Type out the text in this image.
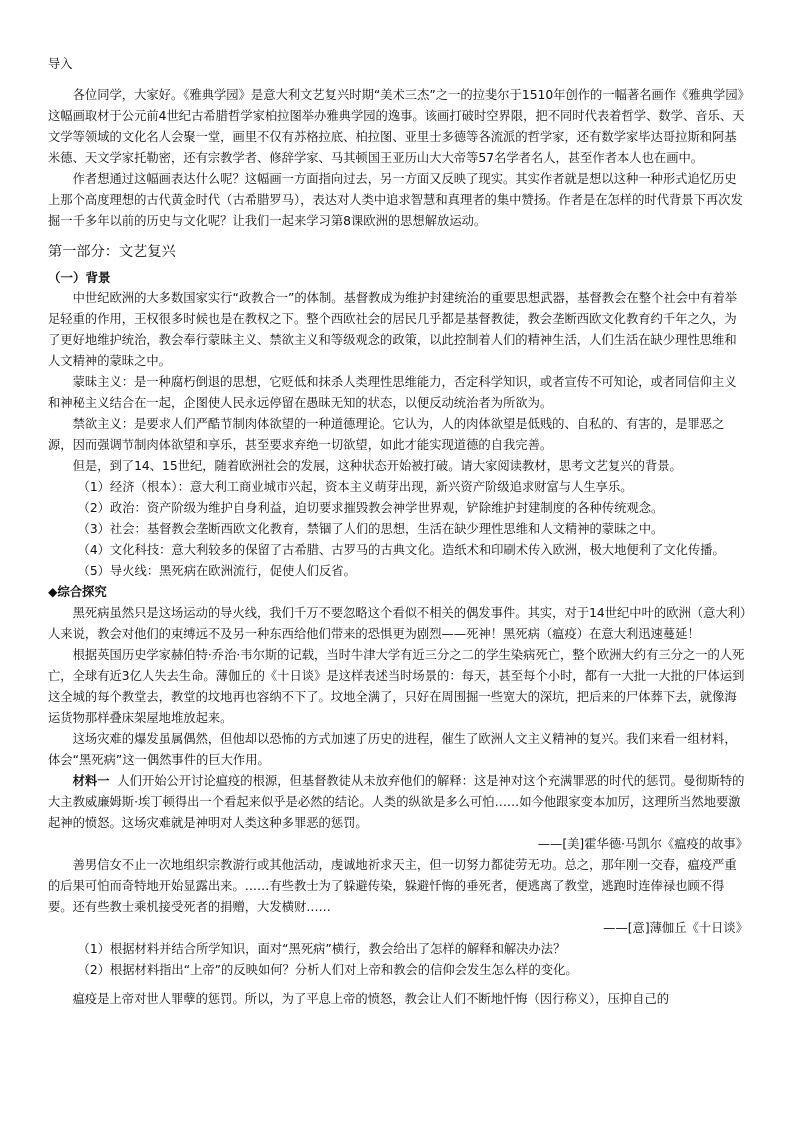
导入

各位同学，大家好。《雅典学园》是意大利文艺复兴时期“美术三杰”之一的拉斐尔于1510年创作的一幅著名画作《雅典学园》这幅画取材于公元前4世纪古希腊哲学家柏拉图举办雅典学园的逸事。该画打破时空界限，把不同时代表着哲学、数学、音乐、天文学等领域的文化名人会聚一堂，画里不仅有苏格拉底、柏拉图、亚里士多德等各流派的哲学家，还有数学家毕达哥拉斯和阿基米德、天文学家托勒密，还有宗教学者、修辞学家、马其顿国王亚历山大大帝等57名学者名人，甚至作者本人也在画中。

作者想通过这幅画表达什么呢？这幅画一方面指向过去，另一方面又反映了现实。其实作者就是想以这种一种形式追忆历史上那个高度理想的古代黄金时代（古希腊罗马），表达对人类中追求智慧和真理者的集中赞扬。作者是在怎样的时代背景下再次发掘一千多年以前的历史与文化呢？让我们一起来学习第8课欧洲的思想解放运动。

第一部分：文艺复兴

（一）背景

中世纪欧洲的大多数国家实行“政教合一”的体制。基督教成为维护封建统治的重要思想武器，基督教会在整个社会中有着举足轻重的作用，王权很多时候也是在教权之下。整个西欧社会的居民几乎都是基督教徒，教会垄断西欧文化教育约千年之久，为了更好地维护统治，教会奉行蒙昧主义、禁欲主义和等级观念的政策，以此控制着人们的精神生活，人们生活在缺少理性思维和人文精神的蒙昧之中。

蒙昧主义：是一种腐朽倒退的思想，它贬低和抹杀人类理性思维能力，否定科学知识，或者宣传不可知论，或者同信仰主义和神秘主义结合在一起，企图使人民永远停留在愚昧无知的状态，以便反动统治者为所欲为。

禁欲主义：是要求人们严酷节制肉体欲望的一种道德理论。它认为，人的肉体欲望是低贱的、自私的、有害的，是罪恶之源，因而强调节制肉体欲望和享乐，甚至要求弃绝一切欲望，如此才能实现道德的自我完善。

但是，到了14、15世纪，随着欧洲社会的发展，这种状态开始被打破。请大家阅读教材，思考文艺复兴的背景。

（1）经济（根本）：意大利工商业城市兴起，资本主义萌芽出现，新兴资产阶级追求财富与人生享乐。

（2）政治：资产阶级为维护自身利益，迫切要求摧毁教会神学世界观，铲除维护封建制度的各种传统观念。

（3）社会：基督教会垄断西欧文化教育，禁锢了人们的思想，生活在缺少理性思维和人文精神的蒙昧之中。

（4）文化科技：意大利较多的保留了古希腊、古罗马的古典文化。造纸术和印刷术传入欧洲，极大地便利了文化传播。

（5）导火线：黑死病在欧洲流行，促使人们反省。

◆综合探究

黑死病虽然只是这场运动的导火线，我们千万不要忽略这个看似不相关的偶发事件。其实，对于14世纪中叶的欧洲（意大利）人来说，教会对他们的束缚远不及另一种东西给他们带来的恐惧更为剧烈——死神！黑死病（瘟疫）在意大利迅速蔓延！

根据英国历史学家赫伯特·乔治·韦尔斯的记载，当时牛津大学有近三分之二的学生染病死亡，整个欧洲大约有三分之一的人死亡，全球有近3亿人失去生命。薄伽丘的《十日谈》是这样表述当时场景的：每天，甚至每个小时，都有一大批一大批的尸体运到这全城的每个教堂去，教堂的坟地再也容纳不下了。坟地全满了，只好在周围掘一些宽大的深坑，把后来的尸体葬下去，就像海运货物那样叠床架屋地堆放起来。

这场灾难的爆发虽属偶然，但他却以恐怖的方式加速了历史的进程，催生了欧洲人文主义精神的复兴。我们来看一组材料，体会“黑死病”这一偶然事件的巨大作用。

材料一 人们开始公开讨论瘟疫的根源，但基督教徒从未放弃他们的解释：这是神对这个充满罪恶的时代的惩罚。曼彻斯特的大主教威廉姆斯·埃丁顿得出一个看起来似乎是必然的结论。人类的纵欲是多么可怕……如今他跟家变本加厉，这理所当然地要激起神的愤怒。这场灾难就是神明对人类这种多罪恶的惩罚。

——[美]霍华德·马凯尔《瘟疫的故事》

善男信女不止一次地组织宗教游行或其他活动，虔诚地祈求天主，但一切努力都徒劳无功。总之，那年刚一交春，瘟疫严重的后果可怕而奇特地开始显露出来。……有些教士为了躲避传染，躲避忏悔的垂死者，便逃离了教堂，逃跑时连俸禄也顾不得要。还有些教士乘机接受死者的捐赠，大发横财……

——[意]薄伽丘《十日谈》

（1）根据材料并结合所学知识，面对“黑死病”横行，教会给出了怎样的解释和解决办法？

（2）根据材料指出“上帝”的反映如何？分析人们对上帝和教会的信仰会发生怎么样的变化。

瘟疫是上帝对世人罪孽的惩罚。所以，为了平息上帝的愤怒，教会让人们不断地忏悔（因行称义），压抑自己的
